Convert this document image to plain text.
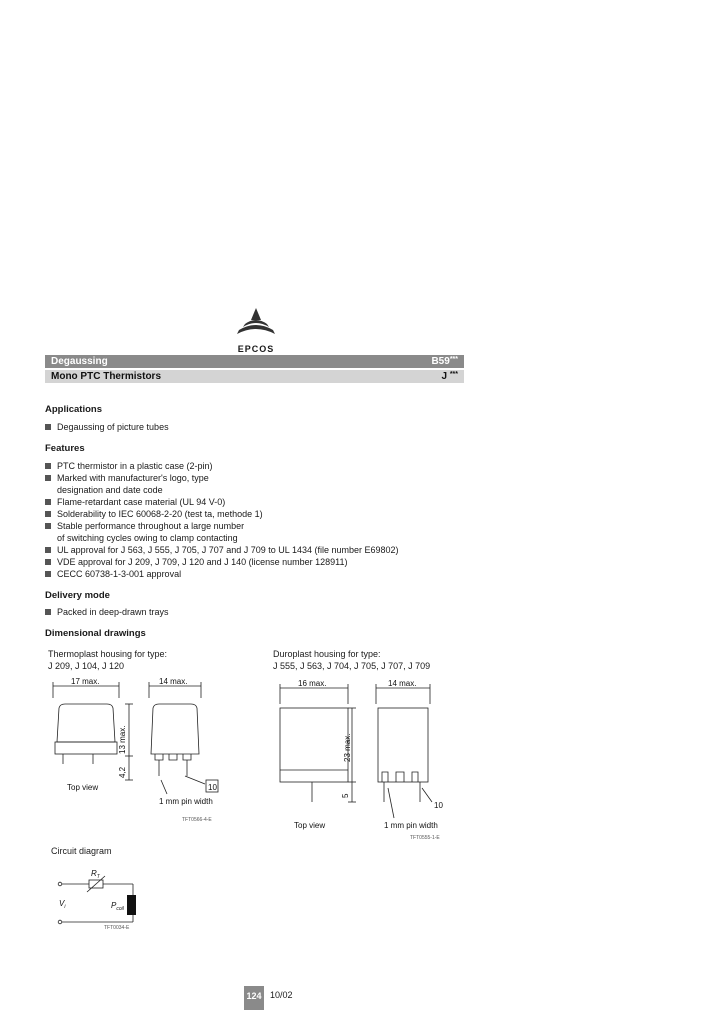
EPCOS
Degaussing	B59***
Mono PTC Thermistors	J ***
Applications
Degaussing of picture tubes
Features
PTC thermistor in a plastic case (2-pin)
Marked with manufacturer's logo, type
designation and date code
Flame-retardant case material (UL 94 V-0)
Solderability to IEC 60068-2-20 (test ta, methode 1)
Stable performance throughout a large number
of switching cycles owing to clamp contacting
UL approval for J 563, J 555, J 705, J 707 and J 709 to UL 1434 (file number E69802)
VDE approval for J 209, J 709, J 120 and J 140 (license number 128911)
CECC 60738-1-3-001 approval
Delivery mode
Packed in deep-drawn trays
Dimensional drawings
Thermoplast housing for type:
J 209, J 104, J 120
Duroplast housing for type:
J 555, J 563, J 704, J 705, J 707, J 709
17 max.	14 max.
13 max.
4,2
10
Top view
1 mm pin width
TFT0566-4-E
16 max.	14 max.
23 max.
5
10
Top view	1 mm pin width
TFT0555-1-E
Circuit diagram
$R_T$
$V_i$	$P_{coil}$
TFT0034-E
124 10/02
